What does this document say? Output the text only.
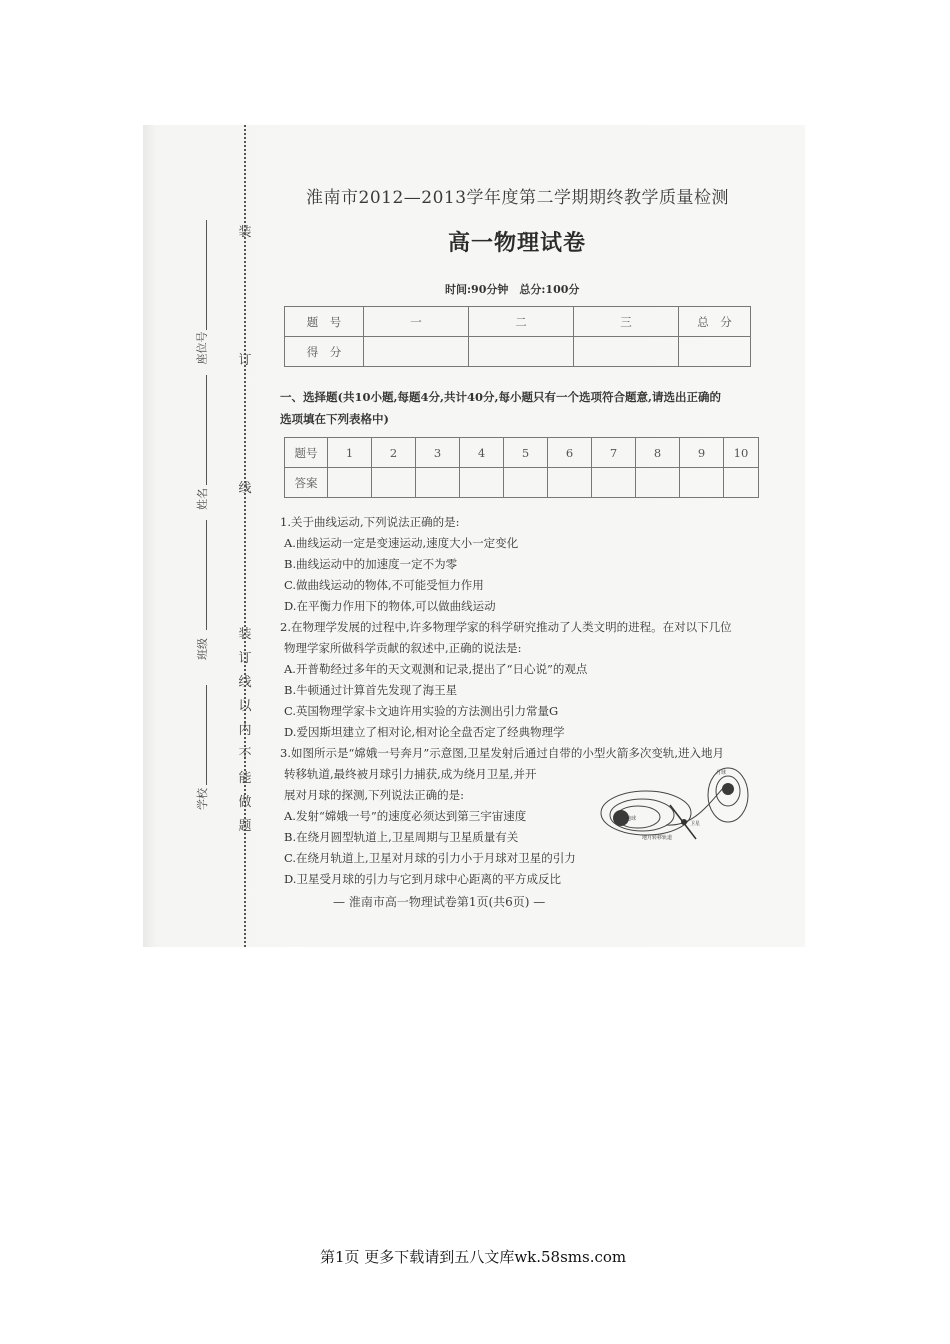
装
订
线
装
订
线
以
内
不
能
做
题
座位号
姓名
班级
学校
淮南市2012—2013学年度第二学期期终教学质量检测
高一物理试卷
时间:90分钟　总分:100分
题　号	一	二	三	总　分
得　分				
一、选择题(共10小题,每题4分,共计40分,每小题只有一个选项符合题意,请选出正确的
选项填在下列表格中)
题号	1	2	3	4	5	6	7	8	9	10
答案										
1.关于曲线运动,下列说法正确的是:
A.曲线运动一定是变速运动,速度大小一定变化
B.曲线运动中的加速度一定不为零
C.做曲线运动的物体,不可能受恒力作用
D.在平衡力作用下的物体,可以做曲线运动
2.在物理学发展的过程中,许多物理学家的科学研究推动了人类文明的进程。在对以下几位
物理学家所做科学贡献的叙述中,正确的说法是:
A.开普勒经过多年的天文观测和记录,提出了“日心说”的观点
B.牛顿通过计算首先发现了海王星
C.英国物理学家卡文迪许用实验的方法测出引力常量G
D.爱因斯坦建立了相对论,相对论全盘否定了经典物理学
3.如图所示是“嫦娥一号奔月”示意图,卫星发射后通过自带的小型火箭多次变轨,进入地月
转移轨道,最终被月球引力捕获,成为绕月卫星,并开
展对月球的探测,下列说法正确的是:
A.发射“嫦娥一号”的速度必须达到第三宇宙速度
B.在绕月圆型轨道上,卫星周期与卫星质量有关
C.在绕月轨道上,卫星对月球的引力小于月球对卫星的引力
D.卫星受月球的引力与它到月球中心距离的平方成反比
月球
地球
卫星
地月转移轨道
— 淮南市高一物理试卷第1页(共6页) —
第1页 更多下载请到五八文库wk.58sms.com
